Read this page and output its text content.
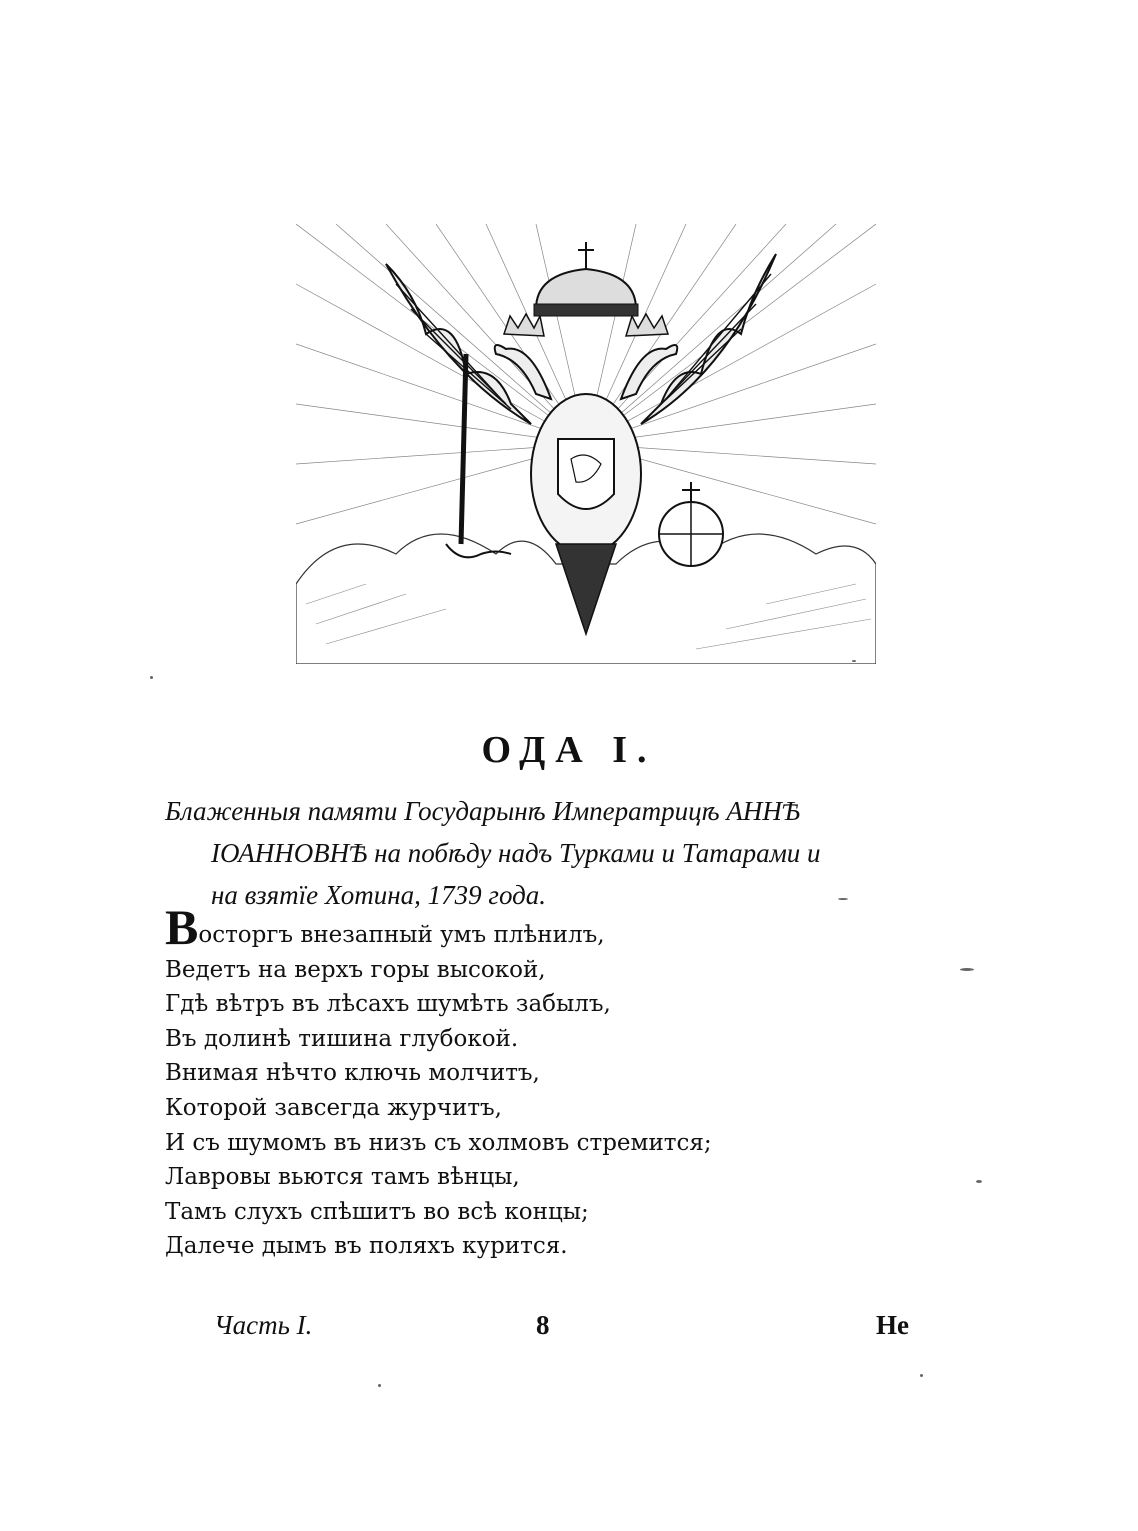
ОДА I.
Блаженныя памяти Государынѣ Императрицѣ АННѢ
IОАННОВНѢ на побѣду надъ Турками и Татарами и
на взятїе Хотина, 1739 года.
Восторгъ внезапный умъ плѣнилъ,
Ведетъ на верхъ горы высокой,
Гдѣ вѣтръ въ лѣсахъ шумѣть забылъ,
Въ долинѣ тишина глубокой.
Внимая нѣчто ключь молчитъ,
Которой завсегда журчитъ,
И съ шумомъ въ низъ съ холмовъ стремится;
Лавровы вьются тамъ вѣнцы,
Тамъ слухъ спѣшитъ во всѣ концы;
Далече дымъ въ поляхъ курится.
Часть I.	8	Не
